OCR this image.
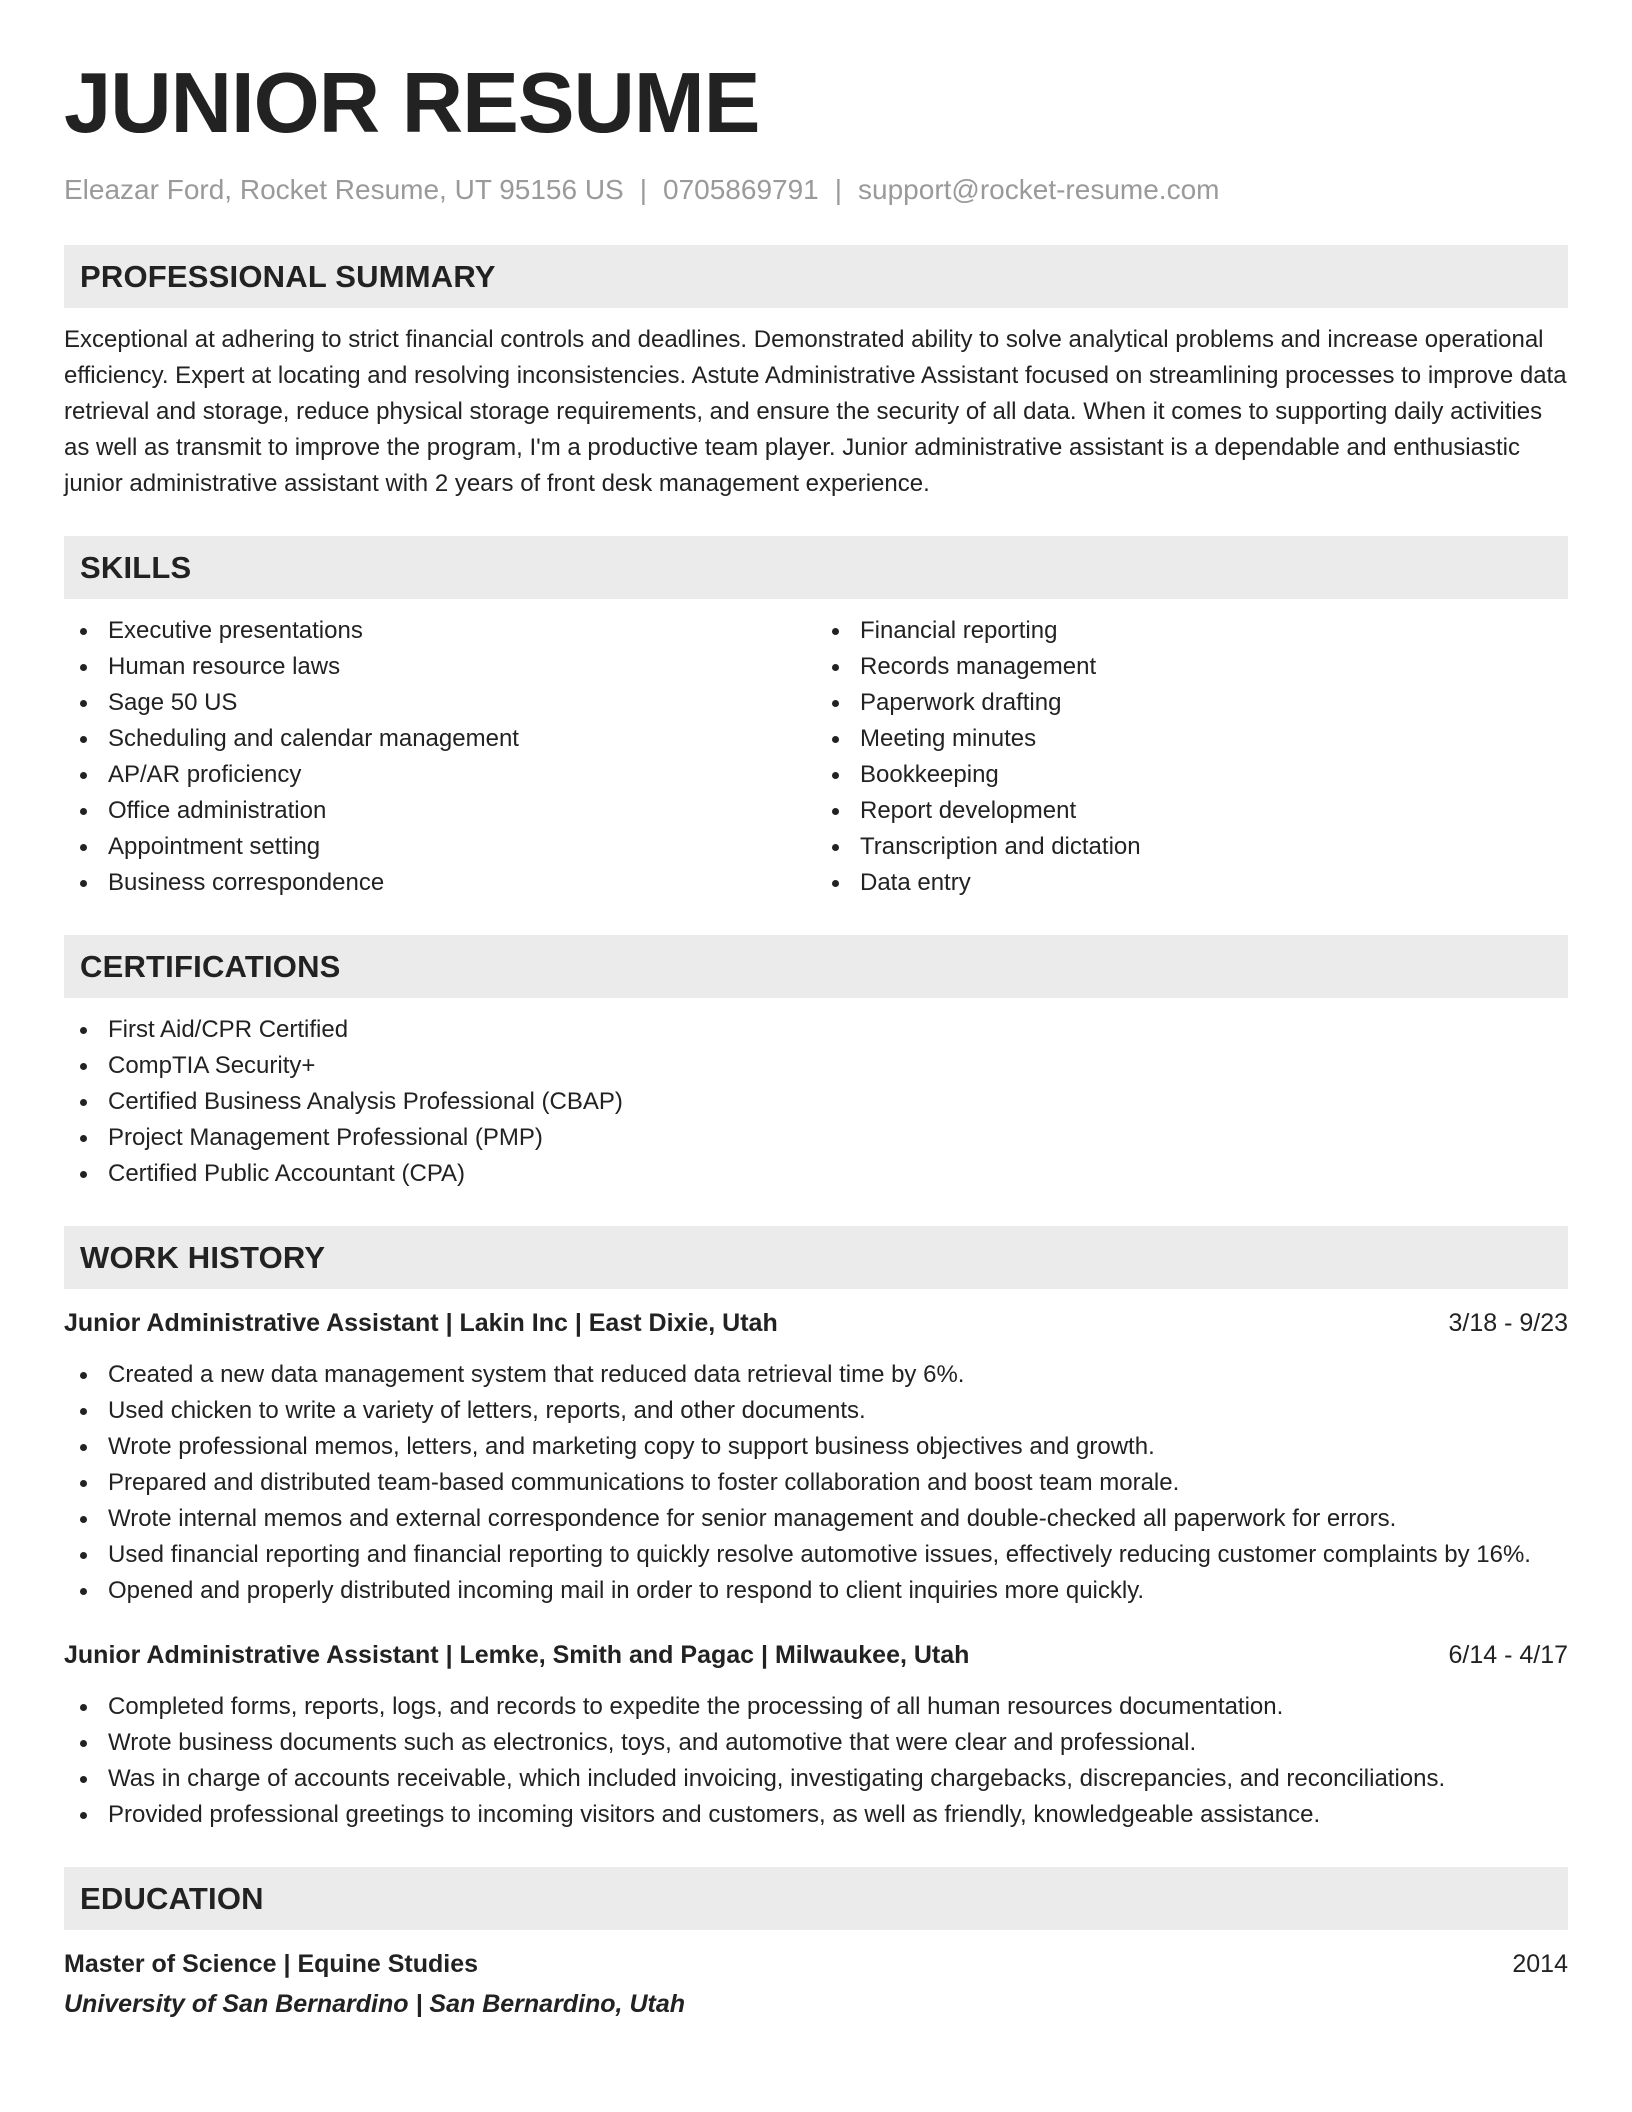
JUNIOR RESUME
Eleazar Ford, Rocket Resume, UT 95156 US | 0705869791 | support@rocket-resume.com
PROFESSIONAL SUMMARY

Exceptional at adhering to strict financial controls and deadlines. Demonstrated ability to solve analytical problems and increase operational efficiency. Expert at locating and resolving inconsistencies. Astute Administrative Assistant focused on streamlining processes to improve data retrieval and storage, reduce physical storage requirements, and ensure the security of all data. When it comes to supporting daily activities as well as transmit to improve the program, I'm a productive team player. Junior administrative assistant is a dependable and enthusiastic junior administrative assistant with 2 years of front desk management experience.

SKILLS
Executive presentations
Human resource laws
Sage 50 US
Scheduling and calendar management
AP/AR proficiency
Office administration
Appointment setting
Business correspondence
Financial reporting
Records management
Paperwork drafting
Meeting minutes
Bookkeeping
Report development
Transcription and dictation
Data entry
CERTIFICATIONS
First Aid/CPR Certified
CompTIA Security+
Certified Business Analysis Professional (CBAP)
Project Management Professional (PMP)
Certified Public Accountant (CPA)
WORK HISTORY
Junior Administrative Assistant | Lakin Inc | East Dixie, Utah	3/18 - 9/23
Created a new data management system that reduced data retrieval time by 6%.
Used chicken to write a variety of letters, reports, and other documents.
Wrote professional memos, letters, and marketing copy to support business objectives and growth.
Prepared and distributed team-based communications to foster collaboration and boost team morale.
Wrote internal memos and external correspondence for senior management and double-checked all paperwork for errors.
Used financial reporting and financial reporting to quickly resolve automotive issues, effectively reducing customer complaints by 16%.
Opened and properly distributed incoming mail in order to respond to client inquiries more quickly.
Junior Administrative Assistant | Lemke, Smith and Pagac | Milwaukee, Utah	6/14 - 4/17
Completed forms, reports, logs, and records to expedite the processing of all human resources documentation.
Wrote business documents such as electronics, toys, and automotive that were clear and professional.
Was in charge of accounts receivable, which included invoicing, investigating chargebacks, discrepancies, and reconciliations.
Provided professional greetings to incoming visitors and customers, as well as friendly, knowledgeable assistance.
EDUCATION
Master of Science | Equine Studies	2014
University of San Bernardino | San Bernardino, Utah
